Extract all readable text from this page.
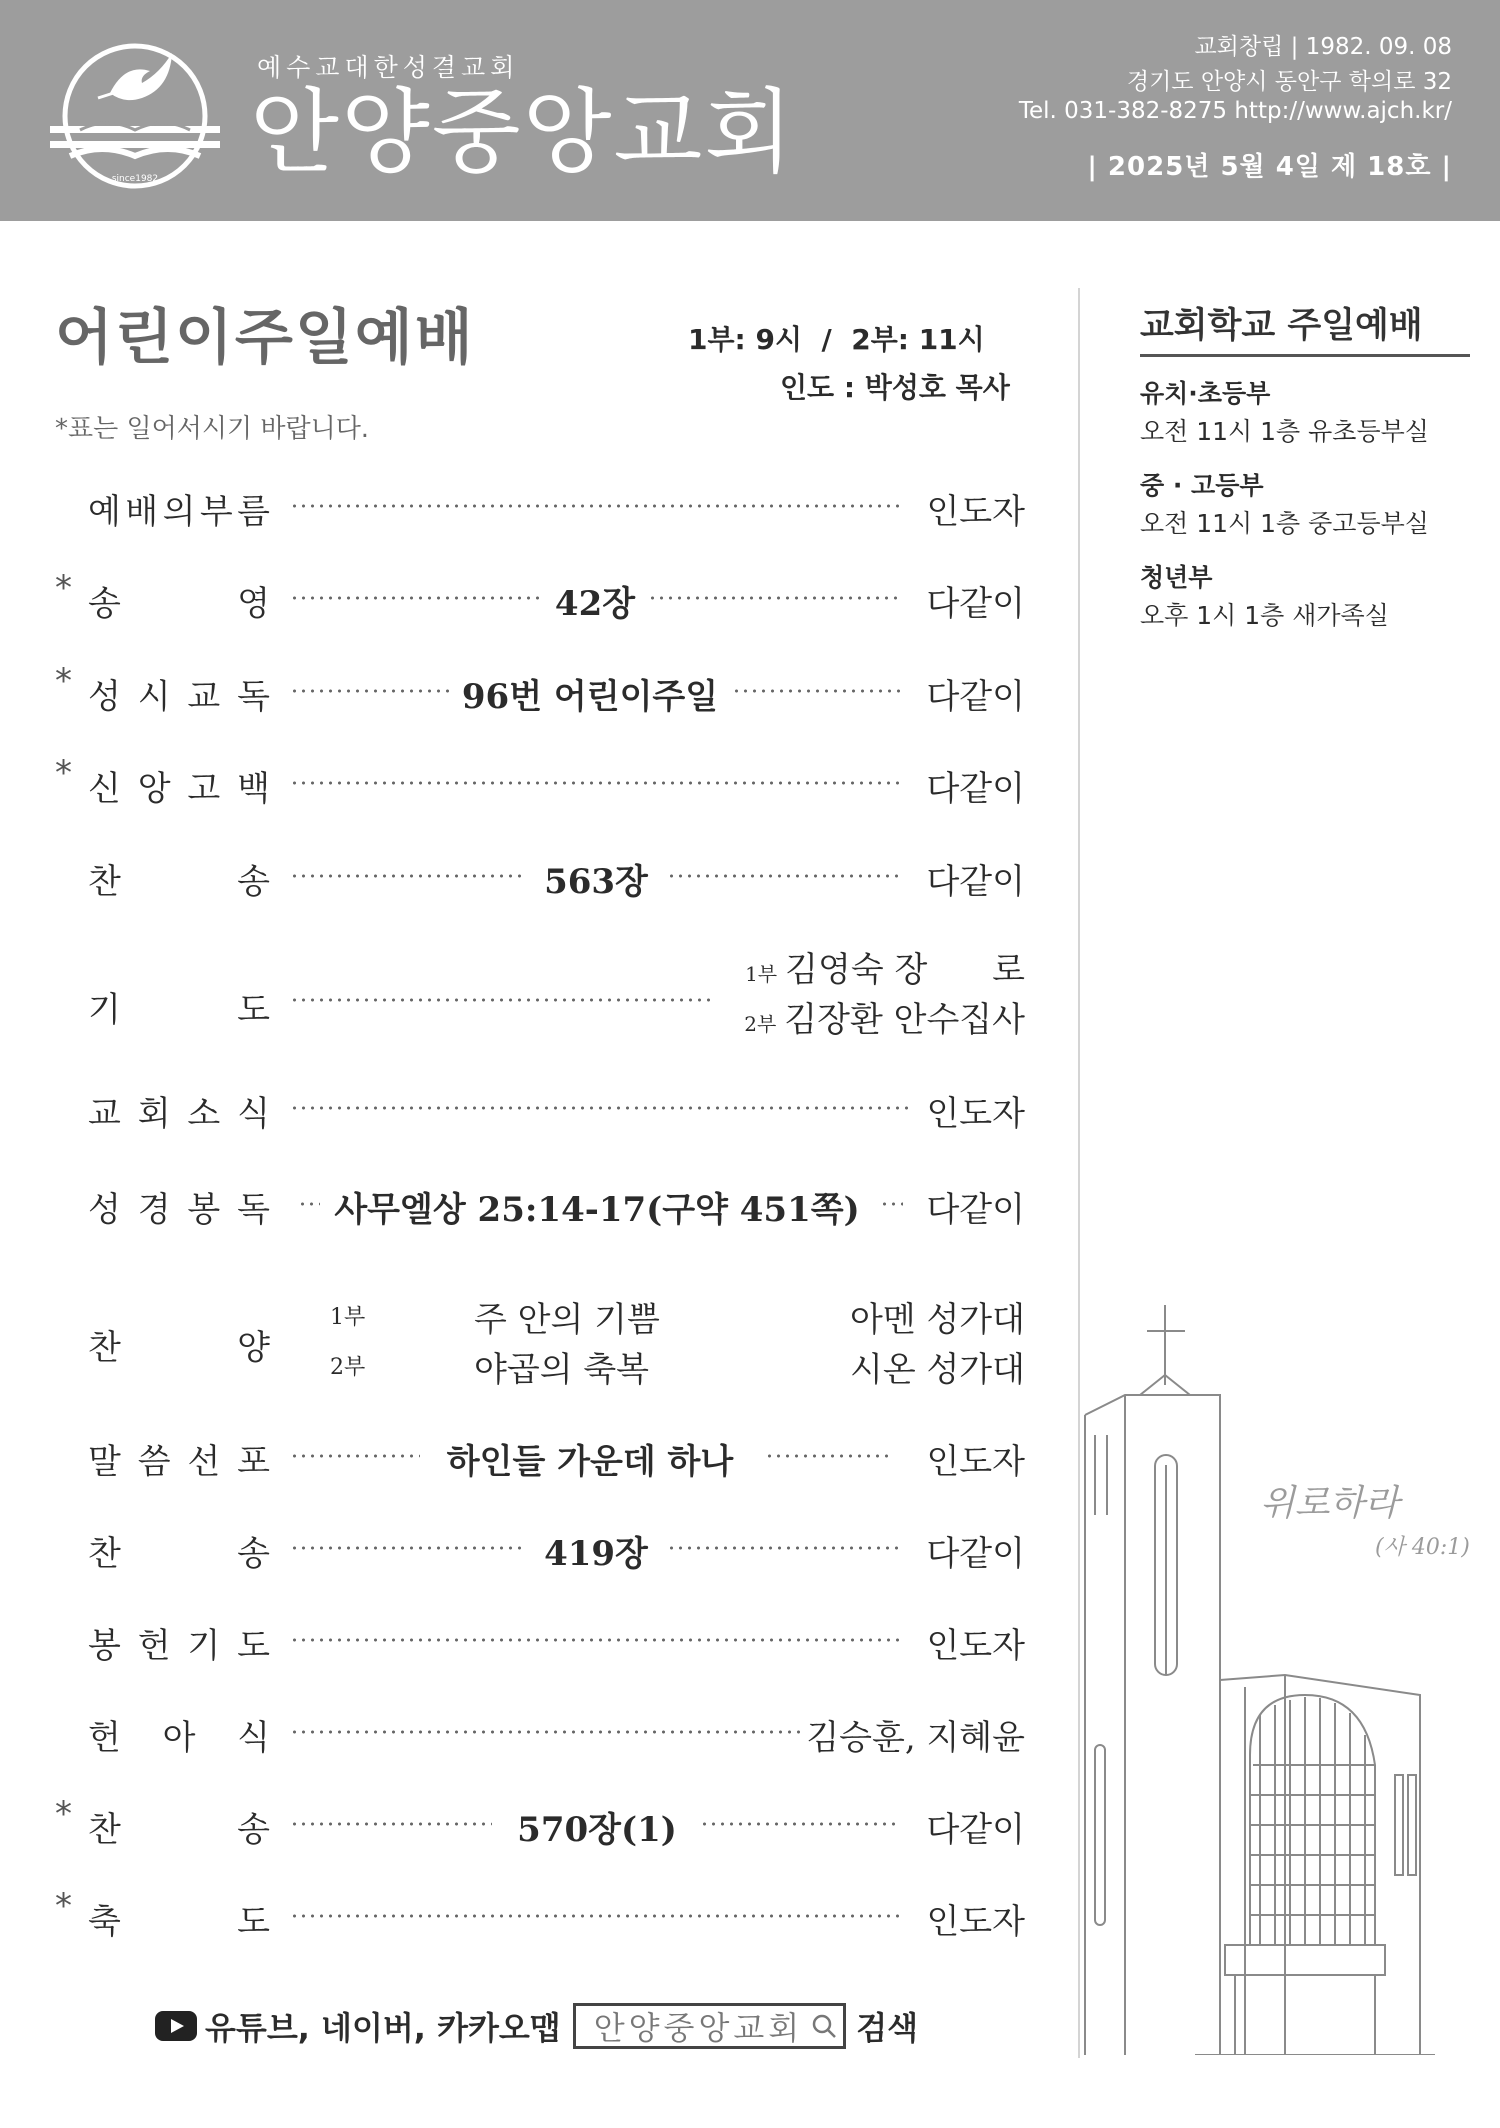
since1982
예수교대한성결교회
안양중앙교회
교회창립 | 1982. 09. 08
경기도 안양시 동안구 학의로 32
Tel. 031-382-8275 http://www.ajch.kr/
| 2025년 5월 4일 제 18호 |
어린이주일예배	1부: 9시  /  2부: 11시
인도 : 박성호 목사
*표는 일어서시기 바랍니다.
예 배 의 부 름	인도자
* 송	영	42장	다같이
* 성 시 교 독	96번 어린이주일	다같이
* 신 앙 고 백	다같이
찬	송	563장	다같이
기	도
1부 김영숙 장      로
2부 김장환 안수집사
교 회 소 식	인도자
성 경 봉 독 사무엘상 25:14-17(구약 451쪽) 다같이
찬	양
1부	주 안의 기쁨	아멘 성가대
2부	야곱의 축복	시온 성가대
말 씀 선 포	하인들 가운데 하나	인도자
찬	송	419장	다같이
봉 헌 기 도	인도자
헌 아 식	김승훈, 지혜윤
* 찬	송	570장(1)	다같이
* 축	도	인도자
교회학교 주일예배
유치·초등부
오전 11시 1층 유초등부실
중 · 고등부
오전 11시 1층 중고등부실
청년부
오후 1시 1층 새가족실
위로하라
(사 40:1)
유튜브, 네이버, 카카오맵 안양중앙교회 검색
